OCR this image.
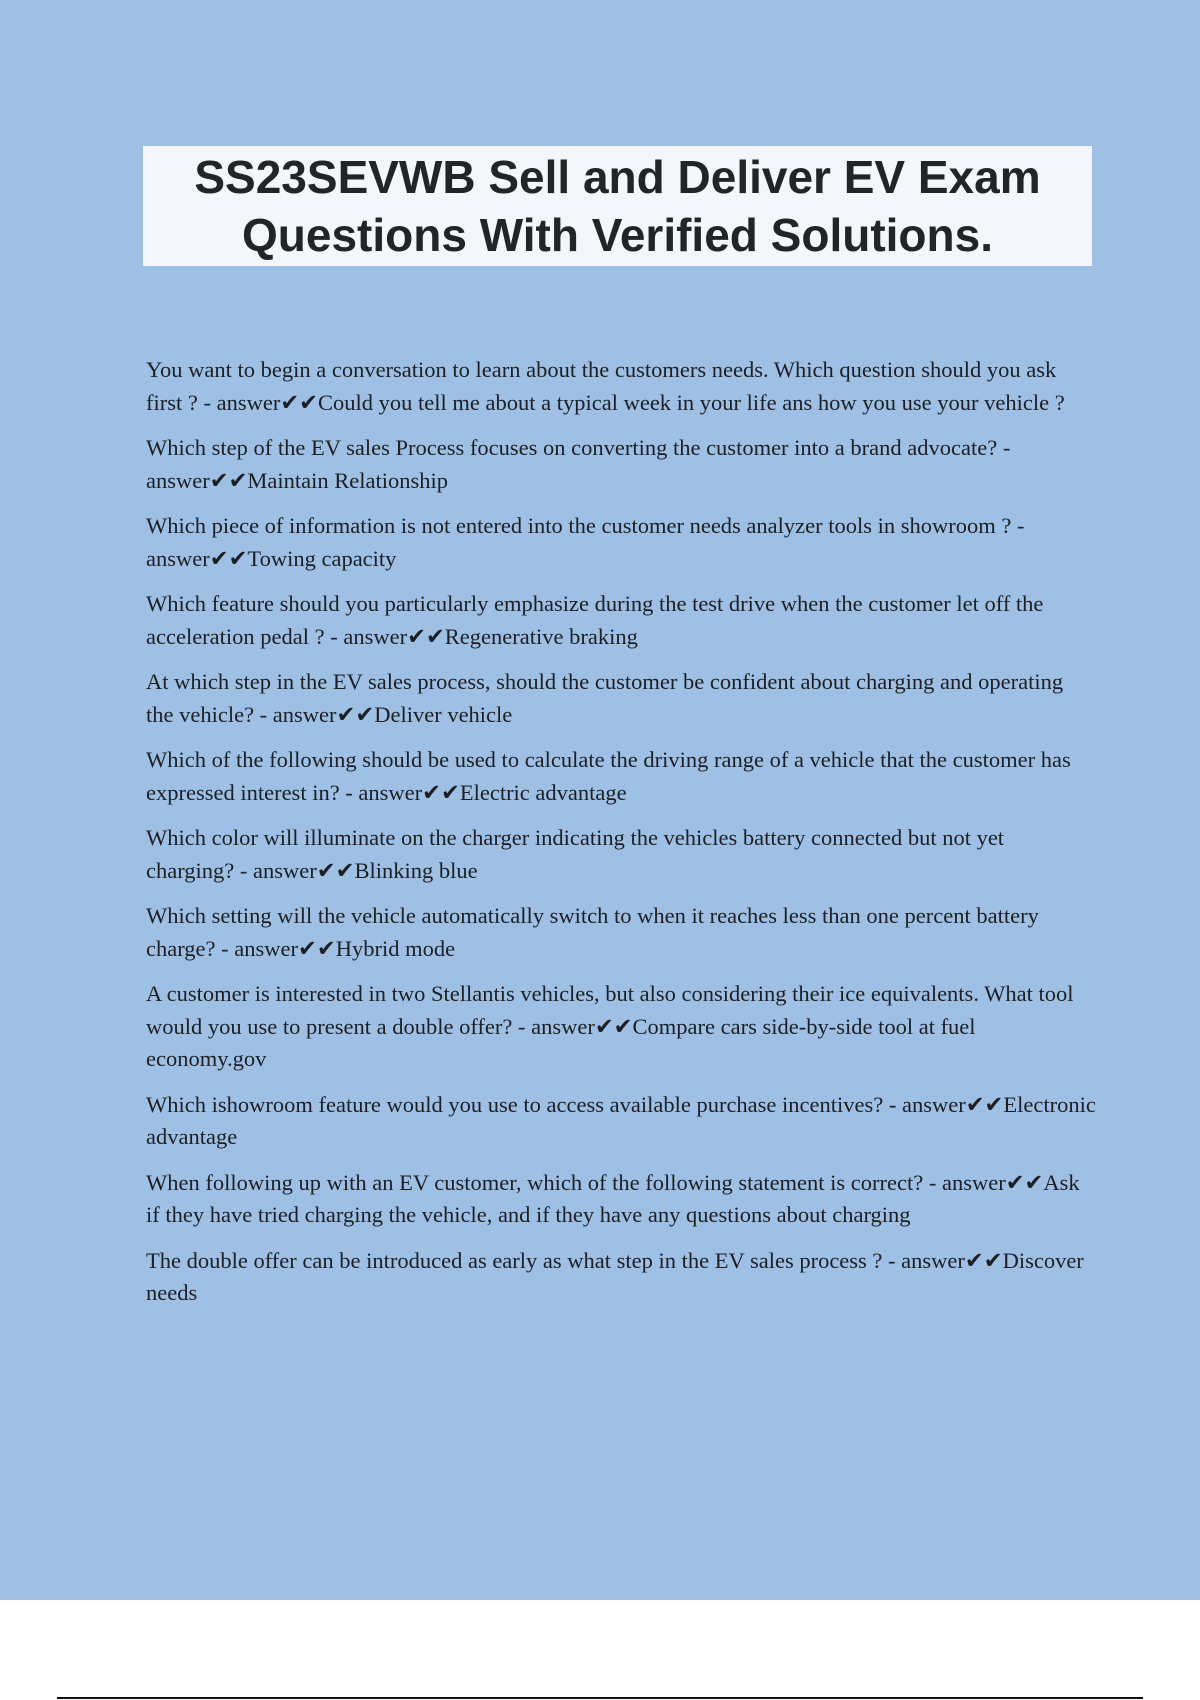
SS23SEVWB Sell and Deliver EV Exam Questions With Verified Solutions.
You want to begin a conversation to learn about the customers needs. Which question should you ask first ? - answer✔✔Could you tell me about a typical week in your life ans how you use your vehicle ?
Which step of the EV sales Process focuses on converting the customer into a brand advocate? - answer✔✔Maintain Relationship
Which piece of information is not entered into the customer needs analyzer tools in showroom ? - answer✔✔Towing capacity
Which feature should you particularly emphasize during the test drive when the customer let off the acceleration pedal ? - answer✔✔Regenerative braking
At which step in the EV sales process, should the customer be confident about charging and operating the vehicle? - answer✔✔Deliver vehicle
Which of the following should be used to calculate the driving range of a vehicle that the customer has expressed interest in? - answer✔✔Electric advantage
Which color will illuminate on the charger indicating the vehicles battery connected but not yet charging? - answer✔✔Blinking blue
Which setting will the vehicle automatically switch to when it reaches less than one percent battery charge? - answer✔✔Hybrid mode
A customer is interested in two Stellantis vehicles, but also considering their ice equivalents. What tool would you use to present a double offer? - answer✔✔Compare cars side-by-side tool at fuel economy.gov
Which ishowroom feature would you use to access available purchase incentives? - answer✔✔Electronic advantage
When following up with an EV customer, which of the following statement is correct? - answer✔✔Ask if they have tried charging the vehicle, and if they have any questions about charging
The double offer can be introduced as early as what step in the EV sales process ? - answer✔✔Discover needs
